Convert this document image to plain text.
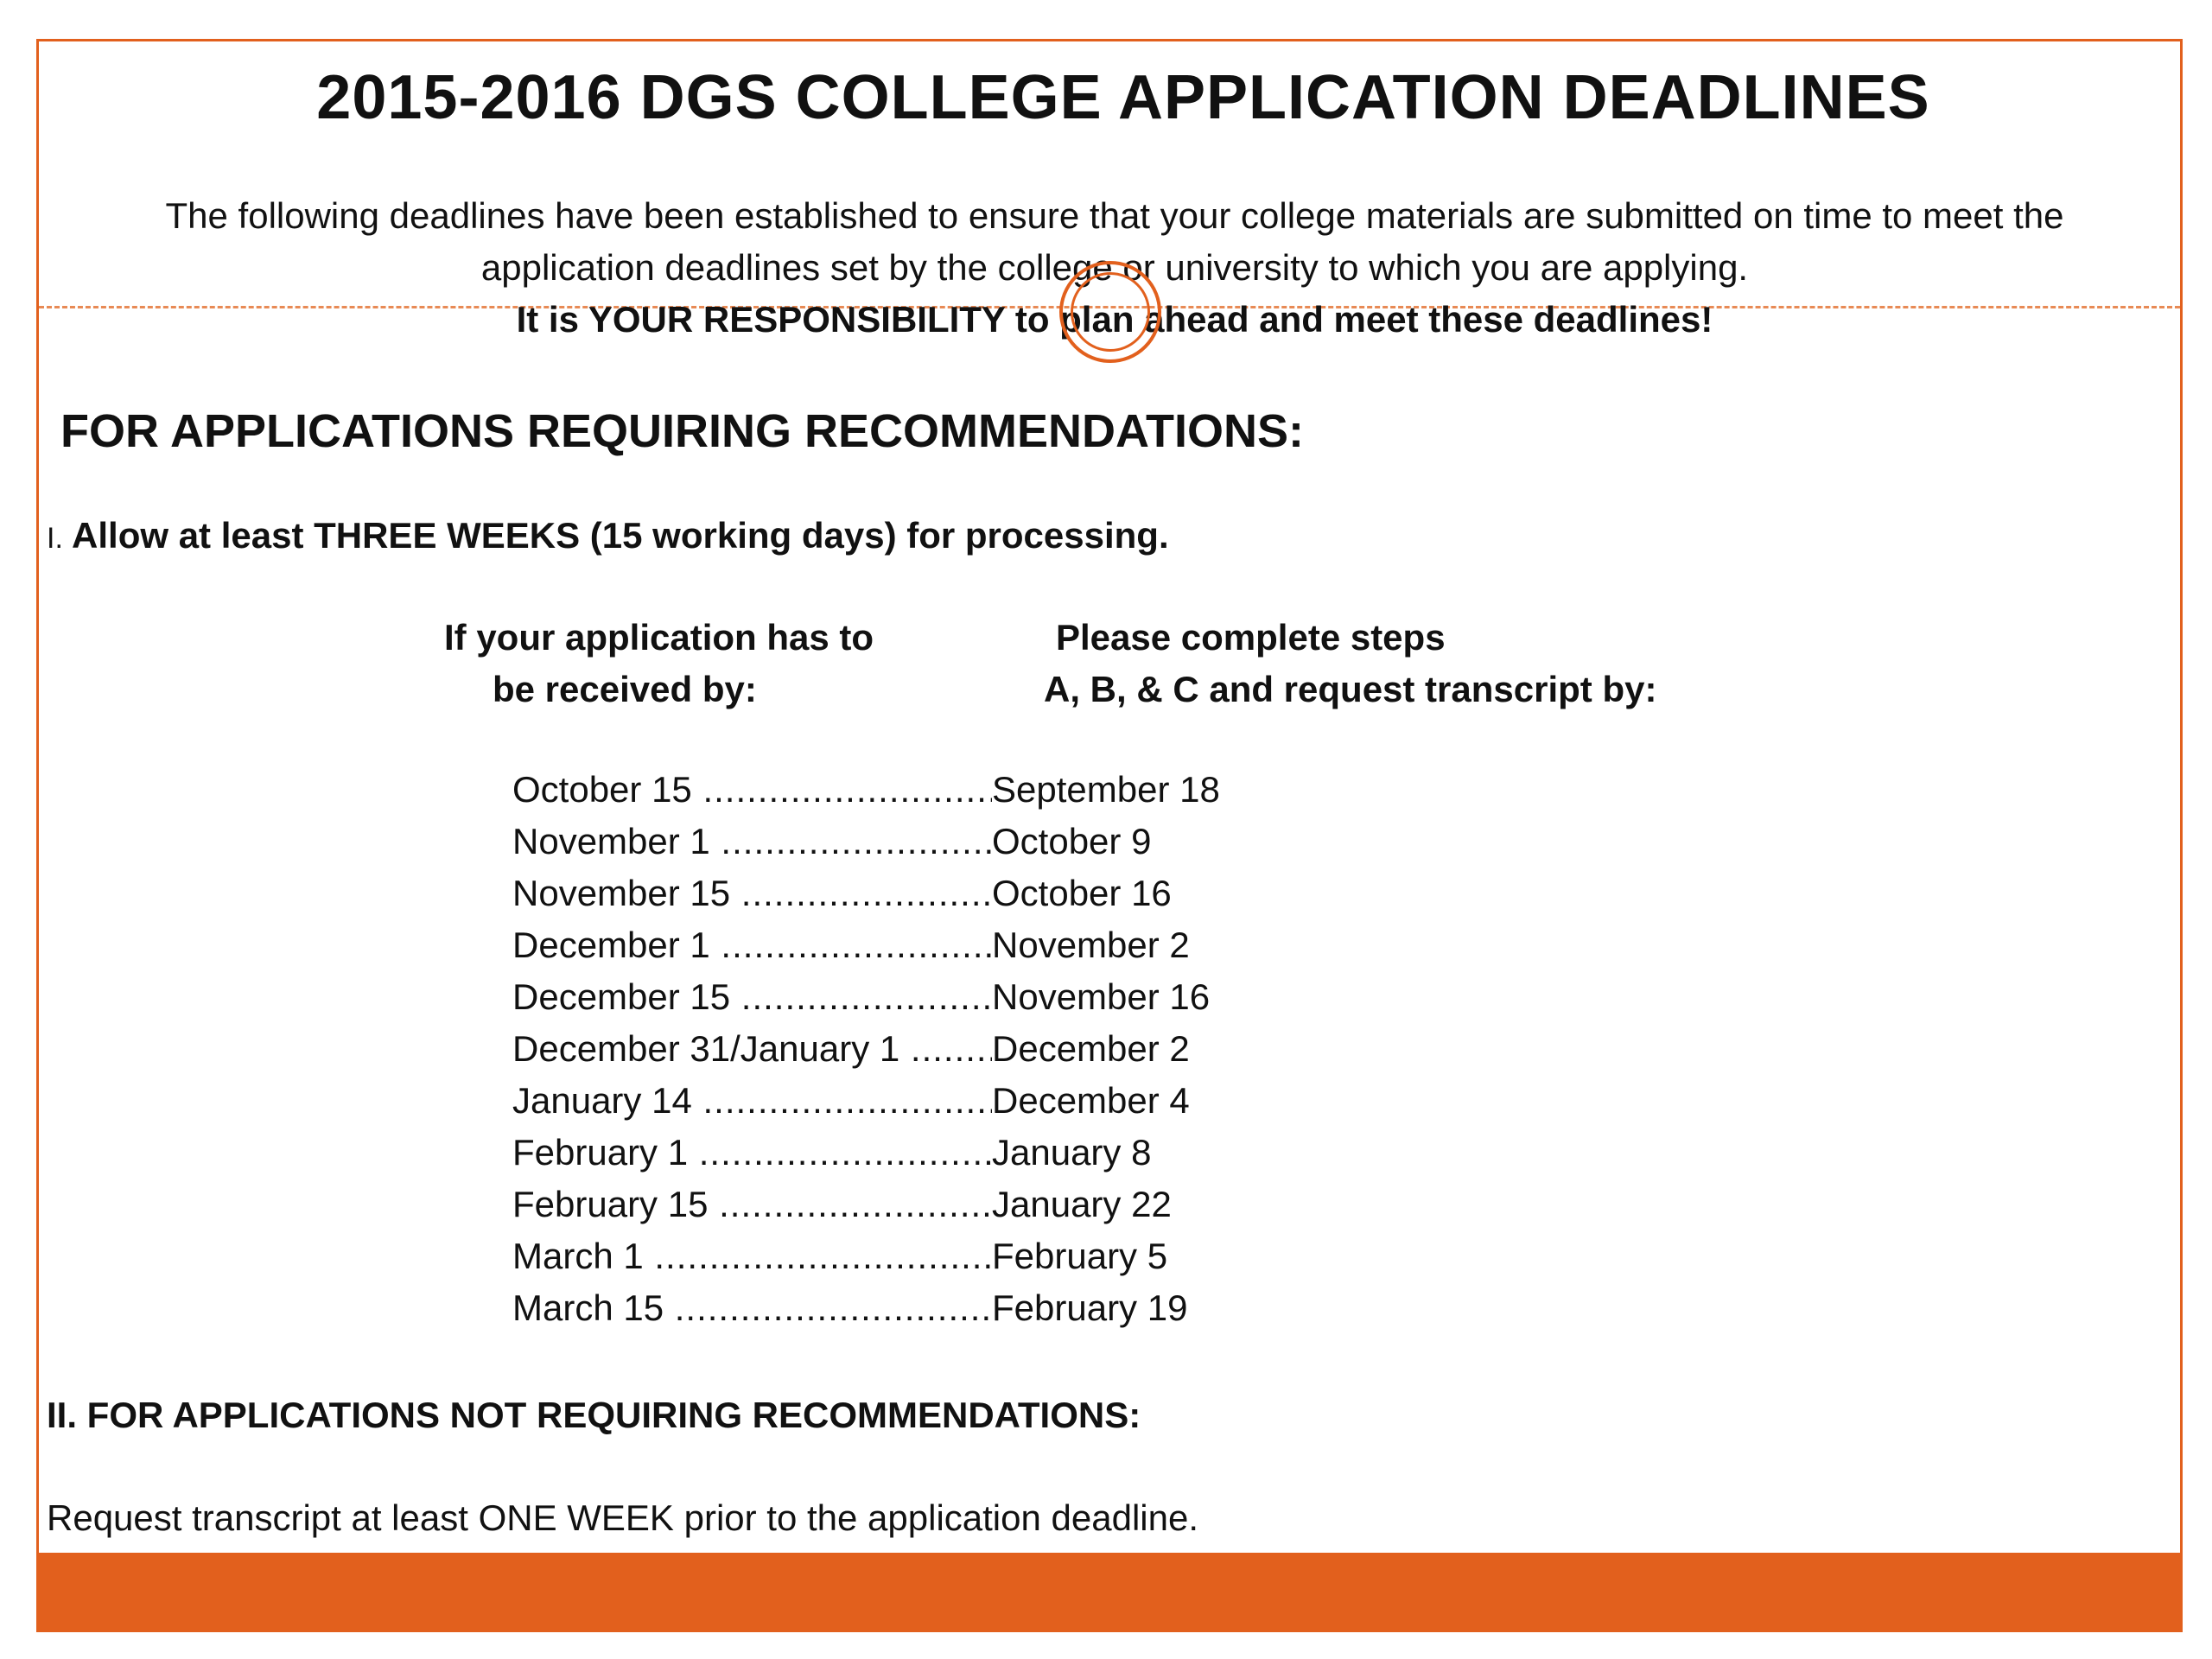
2015-2016 DGS COLLEGE APPLICATION DEADLINES
The following deadlines have been established to ensure that your college materials are submitted on time to meet the
application deadlines set by the college or university to which you are applying.
It is YOUR RESPONSIBILITY to plan ahead and meet these deadlines!
FOR APPLICATIONS REQUIRING RECOMMENDATIONS:
I. Allow at least THREE WEEKS (15 working days) for processing.
If your application has to
be received by:
Please complete steps
A, B, & C and request transcript by:
October 15 .....	September 18
November 1 .....	October 9
November 15 .....	October 16
December 1 .....	November 2
December 15 .....	November 16
December 31/January 1 .....	December 2
January 14 .....	December 4
February 1 .....	January 8
February 15 .....	January 22
March 1 .....	February 5
March 15 .....	February 19
II. FOR APPLICATIONS NOT REQUIRING RECOMMENDATIONS:
Request transcript at least ONE WEEK prior to the application deadline.
